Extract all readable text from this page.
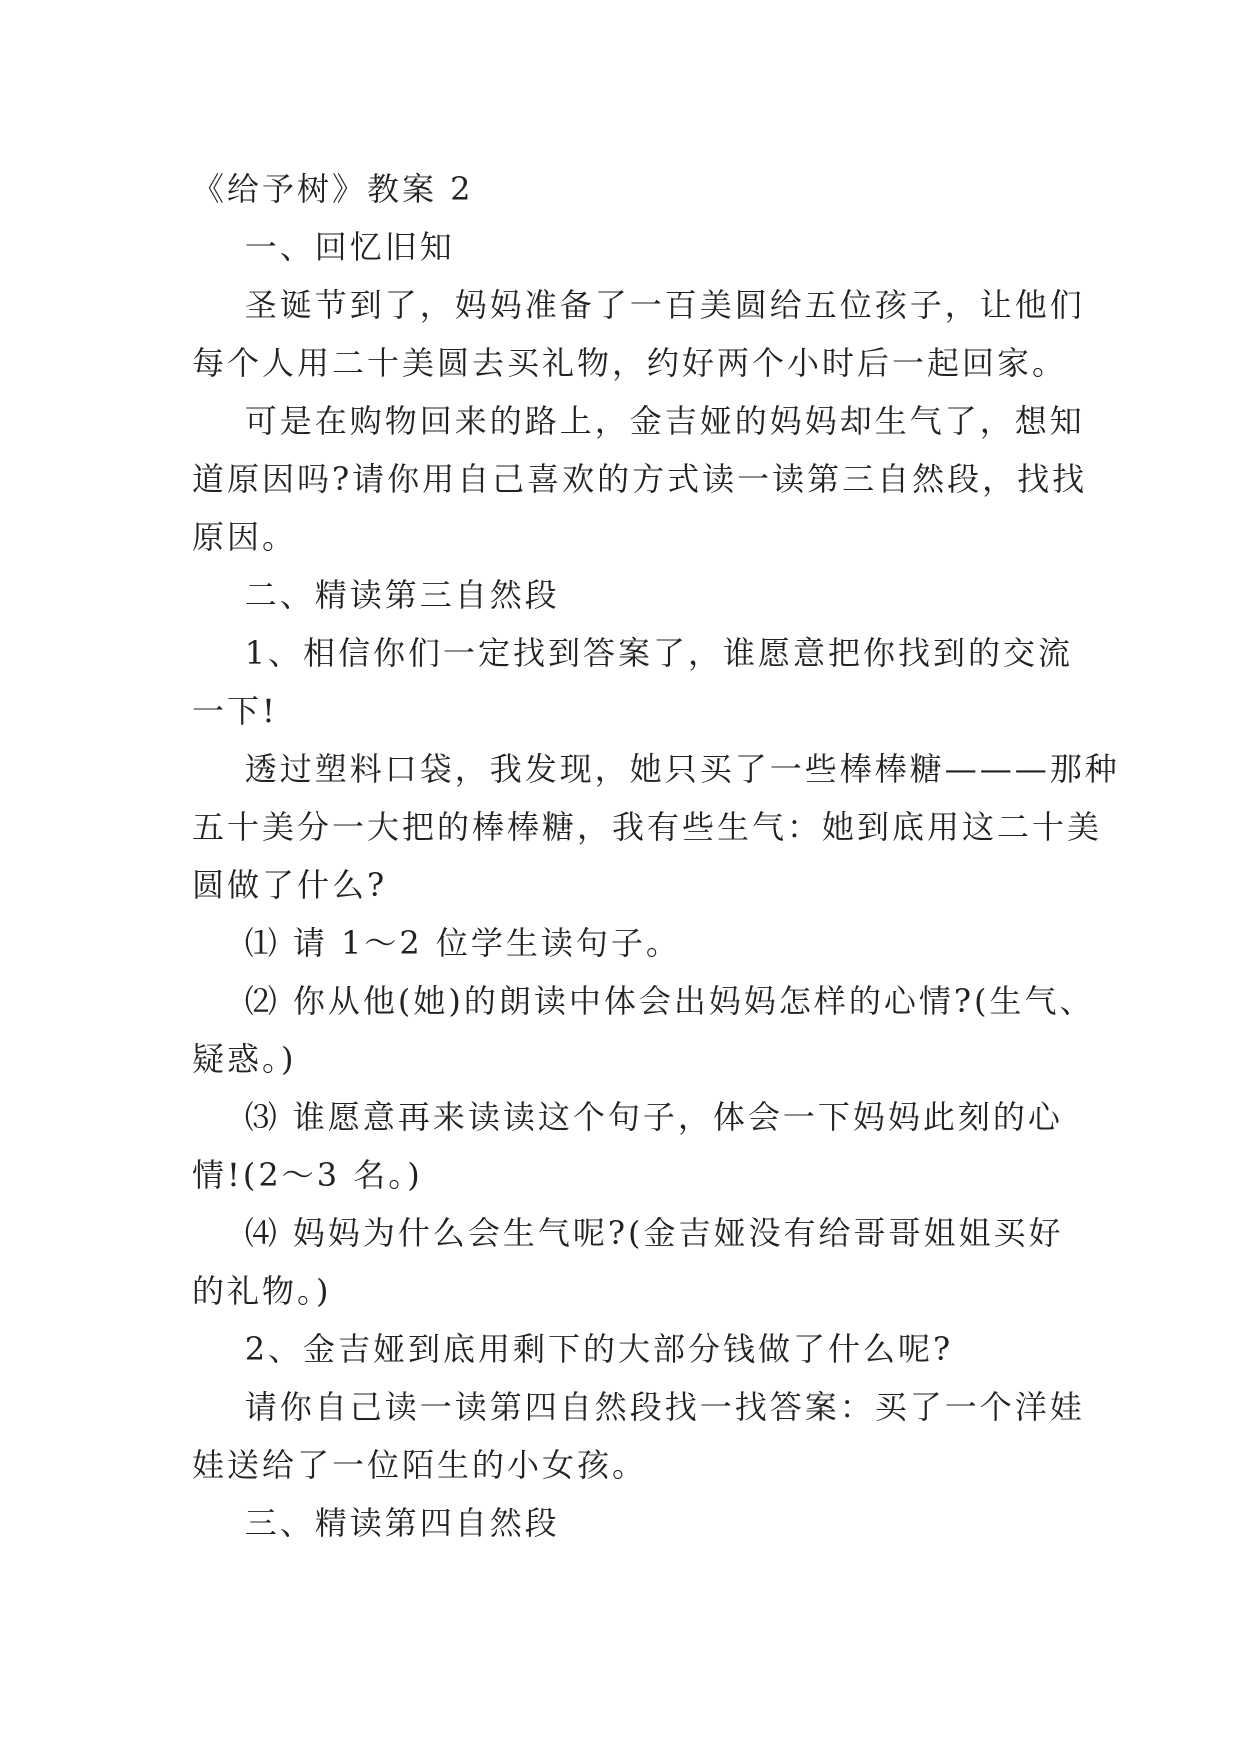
《给予树》教案 2

一、回忆旧知

圣诞节到了，妈妈准备了一百美圆给五位孩子，让他们

每个人用二十美圆去买礼物，约好两个小时后一起回家。

可是在购物回来的路上，金吉娅的妈妈却生气了，想知

道原因吗?请你用自己喜欢的方式读一读第三自然段，找找

原因。

二、精读第三自然段

1、相信你们一定找到答案了，谁愿意把你找到的交流

一下!

透过塑料口袋，我发现，她只买了一些棒棒糖———那种

五十美分一大把的棒棒糖，我有些生气：她到底用这二十美

圆做了什么?

⑴ 请 1～2 位学生读句子。

⑵ 你从他(她)的朗读中体会出妈妈怎样的心情?(生气、

疑惑。)

⑶ 谁愿意再来读读这个句子，体会一下妈妈此刻的心

情!(2～3 名。)

⑷ 妈妈为什么会生气呢?(金吉娅没有给哥哥姐姐买好

的礼物。)

2、金吉娅到底用剩下的大部分钱做了什么呢?

请你自己读一读第四自然段找一找答案：买了一个洋娃

娃送给了一位陌生的小女孩。

三、精读第四自然段
